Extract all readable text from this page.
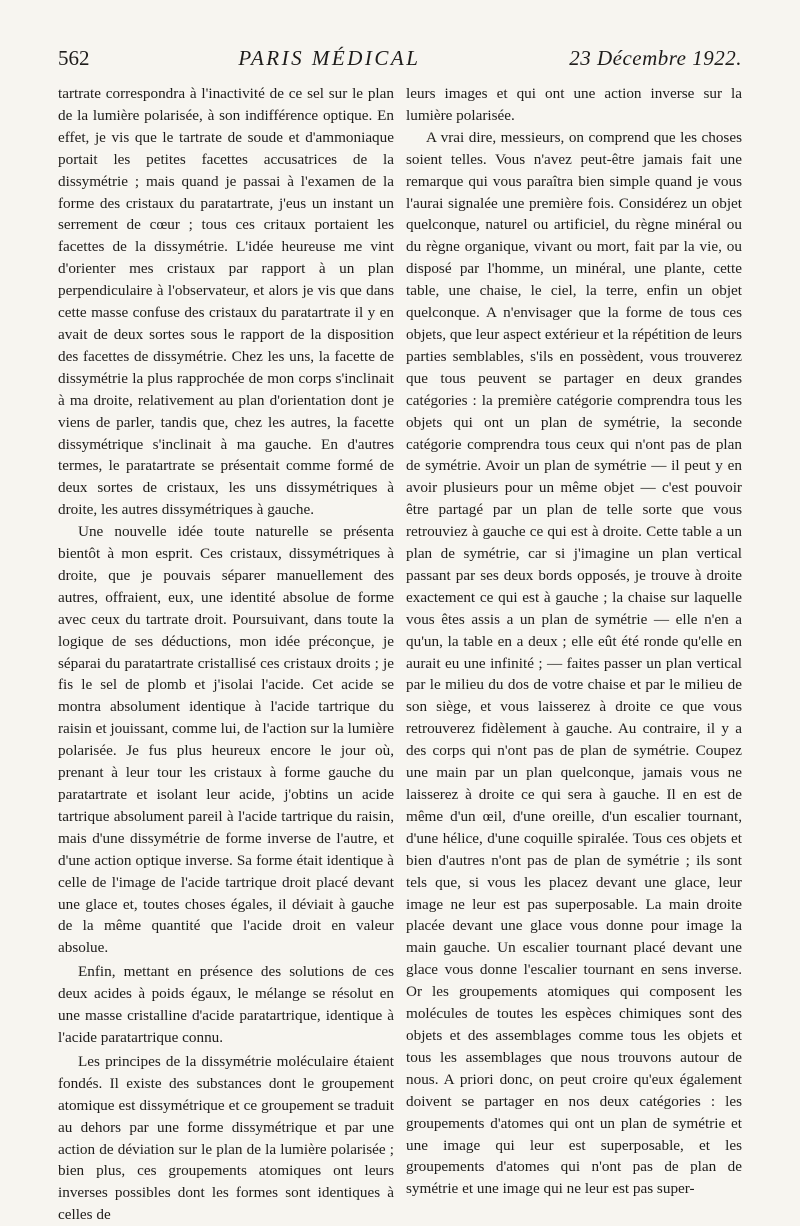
562	PARIS MÉDICAL	23 Décembre 1922.

tartrate correspondra à l'inactivité de ce sel sur le plan de la lumière polarisée, à son indifférence optique. En effet, je vis que le tartrate de soude et d'ammoniaque portait les petites facettes accusatrices de la dissymétrie ; mais quand je passai à l'examen de la forme des cristaux du paratartrate, j'eus un instant un serrement de cœur ; tous ces critaux portaient les facettes de la dissymétrie. L'idée heureuse me vint d'orienter mes cristaux par rapport à un plan perpendiculaire à l'observateur, et alors je vis que dans cette masse confuse des cristaux du paratartrate il y en avait de deux sortes sous le rapport de la disposition des facettes de dissymétrie. Chez les uns, la facette de dissymétrie la plus rapprochée de mon corps s'inclinait à ma droite, relativement au plan d'orientation dont je viens de parler, tandis que, chez les autres, la facette dissymétrique s'inclinait à ma gauche. En d'autres termes, le paratartrate se présentait comme formé de deux sortes de cristaux, les uns dissymétriques à droite, les autres dissymétriques à gauche.

Une nouvelle idée toute naturelle se présenta bientôt à mon esprit. Ces cristaux, dissymétriques à droite, que je pouvais séparer manuellement des autres, offraient, eux, une identité absolue de forme avec ceux du tartrate droit. Poursuivant, dans toute la logique de ses déductions, mon idée préconçue, je séparai du paratartrate cristallisé ces cristaux droits ; je fis le sel de plomb et j'isolai l'acide. Cet acide se montra absolument identique à l'acide tartrique du raisin et jouissant, comme lui, de l'action sur la lumière polarisée. Je fus plus heureux encore le jour où, prenant à leur tour les cristaux à forme gauche du paratartrate et isolant leur acide, j'obtins un acide tartrique absolument pareil à l'acide tartrique du raisin, mais d'une dissymétrie de forme inverse de l'autre, et d'une action optique inverse. Sa forme était identique à celle de l'image de l'acide tartrique droit placé devant une glace et, toutes choses égales, il déviait à gauche de la même quantité que l'acide droit en valeur absolue.

Enfin, mettant en présence des solutions de ces deux acides à poids égaux, le mélange se résolut en une masse cristalline d'acide paratartrique, identique à l'acide paratartrique connu.

Les principes de la dissymétrie moléculaire étaient fondés. Il existe des substances dont le groupement atomique est dissymétrique et ce groupement se traduit au dehors par une forme dissymétrique et par une action de déviation sur le plan de la lumière polarisée ; bien plus, ces groupements atomiques ont leurs inverses possibles dont les formes sont identiques à celles de

leurs images et qui ont une action inverse sur la lumière polarisée.

A vrai dire, messieurs, on comprend que les choses soient telles. Vous n'avez peut-être jamais fait une remarque qui vous paraîtra bien simple quand je vous l'aurai signalée une première fois. Considérez un objet quelconque, naturel ou artificiel, du règne minéral ou du règne organique, vivant ou mort, fait par la vie, ou disposé par l'homme, un minéral, une plante, cette table, une chaise, le ciel, la terre, enfin un objet quelconque. A n'envisager que la forme de tous ces objets, que leur aspect extérieur et la répétition de leurs parties semblables, s'ils en possèdent, vous trouverez que tous peuvent se partager en deux grandes catégories : la première catégorie comprendra tous les objets qui ont un plan de symétrie, la seconde catégorie comprendra tous ceux qui n'ont pas de plan de symétrie. Avoir un plan de symétrie — il peut y en avoir plusieurs pour un même objet — c'est pouvoir être partagé par un plan de telle sorte que vous retrouviez à gauche ce qui est à droite. Cette table a un plan de symétrie, car si j'imagine un plan vertical passant par ses deux bords opposés, je trouve à droite exactement ce qui est à gauche ; la chaise sur laquelle vous êtes assis a un plan de symétrie — elle n'en a qu'un, la table en a deux ; elle eût été ronde qu'elle en aurait eu une infinité ; — faites passer un plan vertical par le milieu du dos de votre chaise et par le milieu de son siège, et vous laisserez à droite ce que vous retrouverez fidèlement à gauche. Au contraire, il y a des corps qui n'ont pas de plan de symétrie. Coupez une main par un plan quelconque, jamais vous ne laisserez à droite ce qui sera à gauche. Il en est de même d'un œil, d'une oreille, d'un escalier tournant, d'une hélice, d'une coquille spiralée. Tous ces objets et bien d'autres n'ont pas de plan de symétrie ; ils sont tels que, si vous les placez devant une glace, leur image ne leur est pas superposable. La main droite placée devant une glace vous donne pour image la main gauche. Un escalier tournant placé devant une glace vous donne l'escalier tournant en sens inverse. Or les groupements atomiques qui composent les molécules de toutes les espèces chimiques sont des objets et des assemblages comme tous les objets et tous les assemblages que nous trouvons autour de nous. A priori donc, on peut croire qu'eux également doivent se partager en nos deux catégories : les groupements d'atomes qui ont un plan de symétrie et une image qui leur est superposable, et les groupements d'atomes qui n'ont pas de plan de symétrie et une image qui ne leur est pas super-
